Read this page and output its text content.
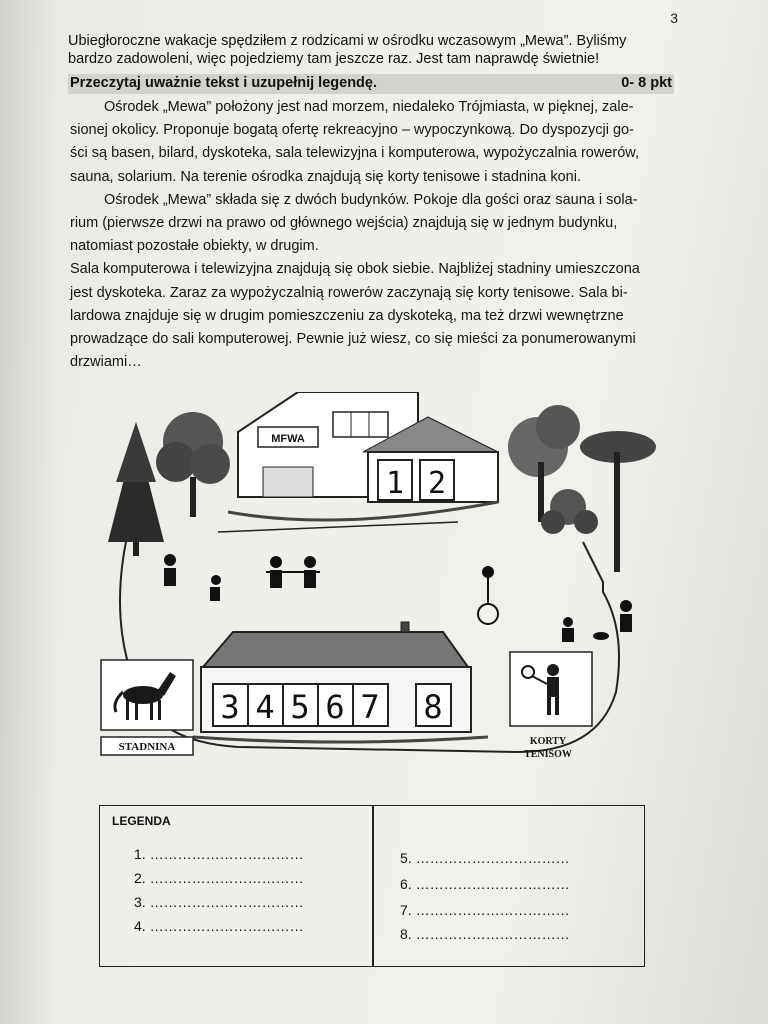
3
Ubiegłoroczne wakacje spędziłem z rodzicami w ośrodku wczasowym „Mewa”. Byliśmy
bardzo zadowoleni, więc pojedziemy tam jeszcze raz. Jest tam naprawdę świetnie!
Przeczytaj uważnie tekst i uzupełnij legendę.	0- 8 pkt
Ośrodek „Mewa” położony jest nad morzem, niedaleko Trójmiasta, w pięknej, zale-
sionej okolicy. Proponuje bogatą ofertę rekreacyjno – wypoczynkową. Do dyspozycji go-
ści są basen, bilard, dyskoteka, sala telewizyjna i komputerowa, wypożyczalnia rowerów,
sauna, solarium. Na terenie ośrodka znajdują się korty tenisowe i stadnina koni.
Ośrodek „Mewa” składa się z dwóch budynków. Pokoje dla gości oraz sauna i sola-
rium (pierwsze drzwi na prawo od głównego wejścia) znajdują się w jednym budynku,
natomiast pozostałe obiekty, w drugim.
Sala komputerowa i telewizyjna znajdują się obok siebie. Najbliżej stadniny umieszczona
jest dyskoteka. Zaraz za wypożyczalnią rowerów zaczynają się korty tenisowe. Sala bi-
lardowa znajduje się w drugim pomieszczeniu za dyskoteką, ma też drzwi wewnętrzne
prowadzące do sali komputerowej. Pewnie już wiesz, co się mieści za ponumerowanymi
drzwiami…
MFWA
1 2
3 4 5 6 7 8
STADNINA	KORTY
TENISOW
LEGENDA
1. ……………………………
2. ……………………………
3. ……………………………
4. ……………………………
5. ……………………………
6. ……………………………
7. ……………………………
8. ……………………………
